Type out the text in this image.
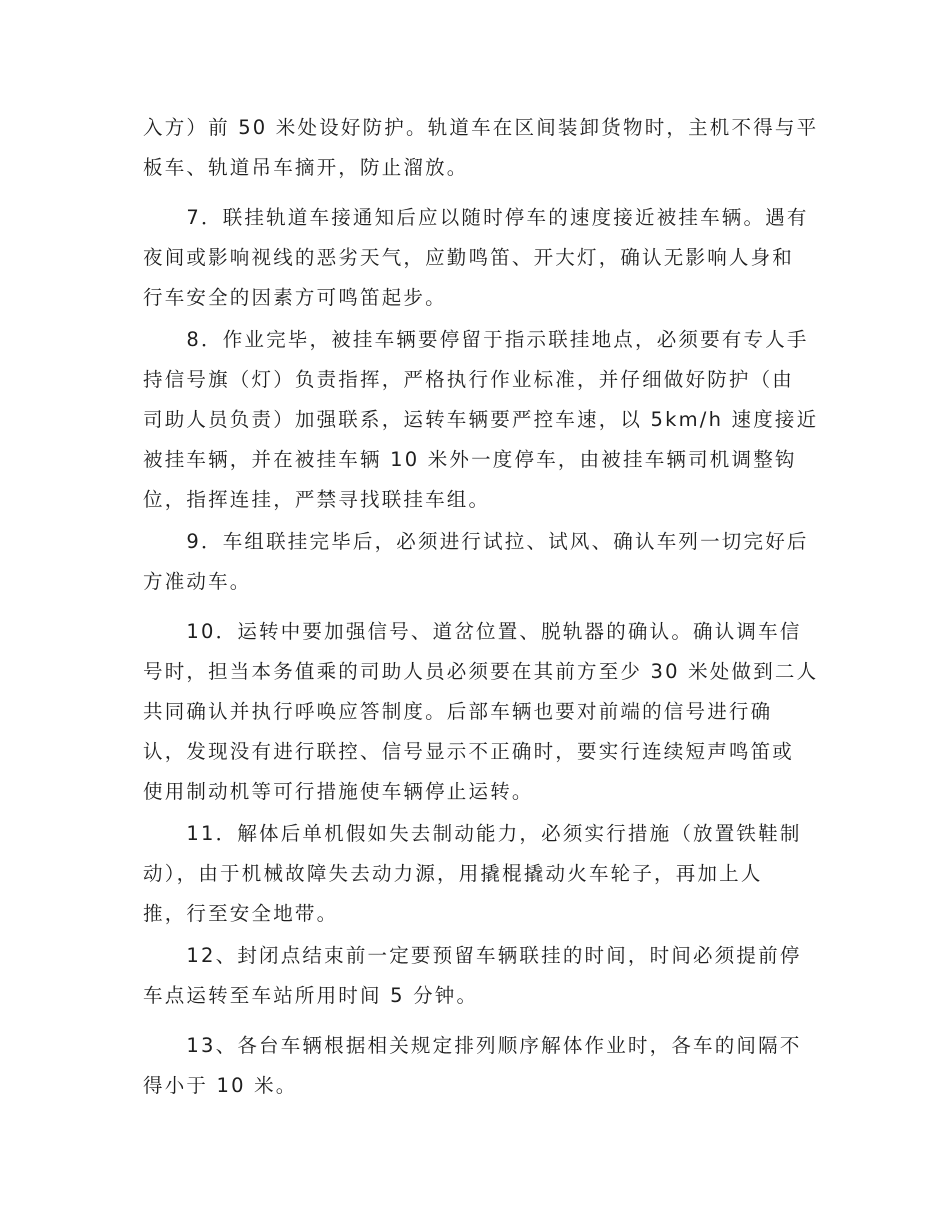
入方）前 50 米处设好防护。轨道车在区间装卸货物时，主机不得与平
板车、轨道吊车摘开，防止溜放。
　　7．联挂轨道车接通知后应以随时停车的速度接近被挂车辆。遇有
夜间或影响视线的恶劣天气，应勤鸣笛、开大灯，确认无影响人身和
行车安全的因素方可鸣笛起步。
　　8．作业完毕，被挂车辆要停留于指示联挂地点，必须要有专人手
持信号旗（灯）负责指挥，严格执行作业标准，并仔细做好防护（由
司助人员负责）加强联系，运转车辆要严控车速，以 5km/h 速度接近
被挂车辆，并在被挂车辆 10 米外一度停车，由被挂车辆司机调整钩
位，指挥连挂，严禁寻找联挂车组。
　　9．车组联挂完毕后，必须进行试拉、试风、确认车列一切完好后
方准动车。
　　10．运转中要加强信号、道岔位置、脱轨器的确认。确认调车信
号时，担当本务值乘的司助人员必须要在其前方至少 30 米处做到二人
共同确认并执行呼唤应答制度。后部车辆也要对前端的信号进行确
认，发现没有进行联控、信号显示不正确时，要实行连续短声鸣笛或
使用制动机等可行措施使车辆停止运转。
　　11．解体后单机假如失去制动能力，必须实行措施（放置铁鞋制
动），由于机械故障失去动力源，用撬棍撬动火车轮子，再加上人
推，行至安全地带。
　　12、封闭点结束前一定要预留车辆联挂的时间，时间必须提前停
车点运转至车站所用时间 5 分钟。
　　13、各台车辆根据相关规定排列顺序解体作业时，各车的间隔不
得小于 10 米。
